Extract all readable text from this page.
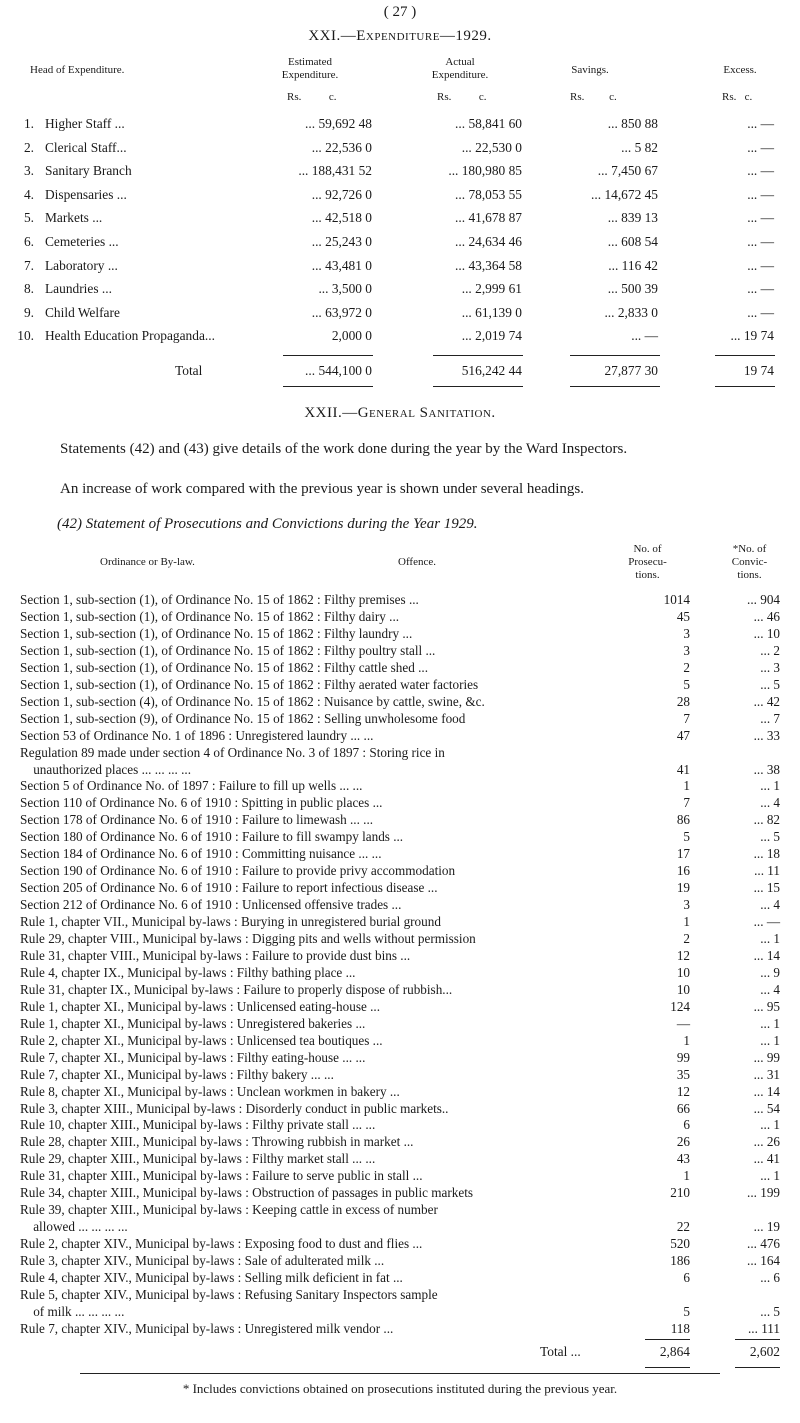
( 27 )
XXI.—Expenditure—1929.
Head of Expenditure.
Estimated
Expenditure.
Actual
Expenditure.	Savings.	Excess.
Rs.          c.	Rs.          c.	Rs.         c.	Rs.   c.
1. Higher Staff ...	... 59,692 48	... 58,841 60	... 850 88	... —
2. Clerical Staff...	... 22,536 0	... 22,530 0	... 5 82	... —
3. Sanitary Branch	... 188,431 52	... 180,980 85	... 7,450 67	... —
4. Dispensaries ...	... 92,726 0	... 78,053 55	... 14,672 45	... —
5. Markets ...	... 42,518 0	... 41,678 87	... 839 13	... —
6. Cemeteries ...	... 25,243 0	... 24,634 46	... 608 54	... —
7. Laboratory ...	... 43,481 0	... 43,364 58	... 116 42	... —
8. Laundries ...	... 3,500 0	... 2,999 61	... 500 39	... —
9. Child Welfare	... 63,972 0	... 61,139 0	... 2,833 0	... —
10. Health Education Propaganda...	2,000 0	... 2,019 74	... —	... 19 74
Total	... 544,100 0	516,242 44	27,877 30	19 74
XXII.—General Sanitation.
Statements (42) and (43) give details of the work done during the year by the Ward Inspectors.
An increase of work compared with the previous year is shown under several headings.
(42) Statement of Prosecutions and Convictions during the Year 1929.
Ordinance or By-law.	Offence.
No. of
Prosecu-
tions.
*No. of
Convic-
tions.
Section 1, sub-section (1), of Ordinance No. 15 of 1862 : Filthy premises ...	1014	... 904
Section 1, sub-section (1), of Ordinance No. 15 of 1862 : Filthy dairy ...	45	... 46
Section 1, sub-section (1), of Ordinance No. 15 of 1862 : Filthy laundry ...	3	... 10
Section 1, sub-section (1), of Ordinance No. 15 of 1862 : Filthy poultry stall ...	3	... 2
Section 1, sub-section (1), of Ordinance No. 15 of 1862 : Filthy cattle shed ...	2	... 3
Section 1, sub-section (1), of Ordinance No. 15 of 1862 : Filthy aerated water factories	5	... 5
Section 1, sub-section (4), of Ordinance No. 15 of 1862 : Nuisance by cattle, swine, &c.	28	... 42
Section 1, sub-section (9), of Ordinance No. 15 of 1862 : Selling unwholesome food	7	... 7
Section 53 of Ordinance No. 1 of 1896 : Unregistered laundry ... ...	47	... 33
Regulation 89 made under section 4 of Ordinance No. 3 of 1897 : Storing rice in
unauthorized places ... ... ... ...	41	... 38
Section 5 of Ordinance No. of 1897 : Failure to fill up wells ... ...	1	... 1
Section 110 of Ordinance No. 6 of 1910 : Spitting in public places ...	7	... 4
Section 178 of Ordinance No. 6 of 1910 : Failure to limewash ... ...	86	... 82
Section 180 of Ordinance No. 6 of 1910 : Failure to fill swampy lands ...	5	... 5
Section 184 of Ordinance No. 6 of 1910 : Committing nuisance ... ...	17	... 18
Section 190 of Ordinance No. 6 of 1910 : Failure to provide privy accommodation	16	... 11
Section 205 of Ordinance No. 6 of 1910 : Failure to report infectious disease ...	19	... 15
Section 212 of Ordinance No. 6 of 1910 : Unlicensed offensive trades ...	3	... 4
Rule 1, chapter VII., Municipal by-laws : Burying in unregistered burial ground	1	... —
Rule 29, chapter VIII., Municipal by-laws : Digging pits and wells without permission	2	... 1
Rule 31, chapter VIII., Municipal by-laws : Failure to provide dust bins ...	12	... 14
Rule 4, chapter IX., Municipal by-laws : Filthy bathing place ...	10	... 9
Rule 31, chapter IX., Municipal by-laws : Failure to properly dispose of rubbish...	10	... 4
Rule 1, chapter XI., Municipal by-laws : Unlicensed eating-house ...	124	... 95
Rule 1, chapter XI., Municipal by-laws : Unregistered bakeries ...	—	... 1
Rule 2, chapter XI., Municipal by-laws : Unlicensed tea boutiques ...	1	... 1
Rule 7, chapter XI., Municipal by-laws : Filthy eating-house ... ...	99	... 99
Rule 7, chapter XI., Municipal by-laws : Filthy bakery ... ...	35	... 31
Rule 8, chapter XI., Municipal by-laws : Unclean workmen in bakery ...	12	... 14
Rule 3, chapter XIII., Municipal by-laws : Disorderly conduct in public markets..	66	... 54
Rule 10, chapter XIII., Municipal by-laws : Filthy private stall ... ...	6	... 1
Rule 28, chapter XIII., Municipal by-laws : Throwing rubbish in market ...	26	... 26
Rule 29, chapter XIII., Municipal by-laws : Filthy market stall ... ...	43	... 41
Rule 31, chapter XIII., Municipal by-laws : Failure to serve public in stall ...	1	... 1
Rule 34, chapter XIII., Municipal by-laws : Obstruction of passages in public markets	210	... 199
Rule 39, chapter XIII., Municipal by-laws : Keeping cattle in excess of number
allowed ... ... ... ...	22	... 19
Rule 2, chapter XIV., Municipal by-laws : Exposing food to dust and flies ...	520	... 476
Rule 3, chapter XIV., Municipal by-laws : Sale of adulterated milk ...	186	... 164
Rule 4, chapter XIV., Municipal by-laws : Selling milk deficient in fat ...	6	... 6
Rule 5, chapter XIV., Municipal by-laws : Refusing Sanitary Inspectors sample
of milk ... ... ... ...	5	... 5
Rule 7, chapter XIV., Municipal by-laws : Unregistered milk vendor ...	118	... 111
Total ...	2,864	2,602
* Includes convictions obtained on prosecutions instituted during the previous year.
